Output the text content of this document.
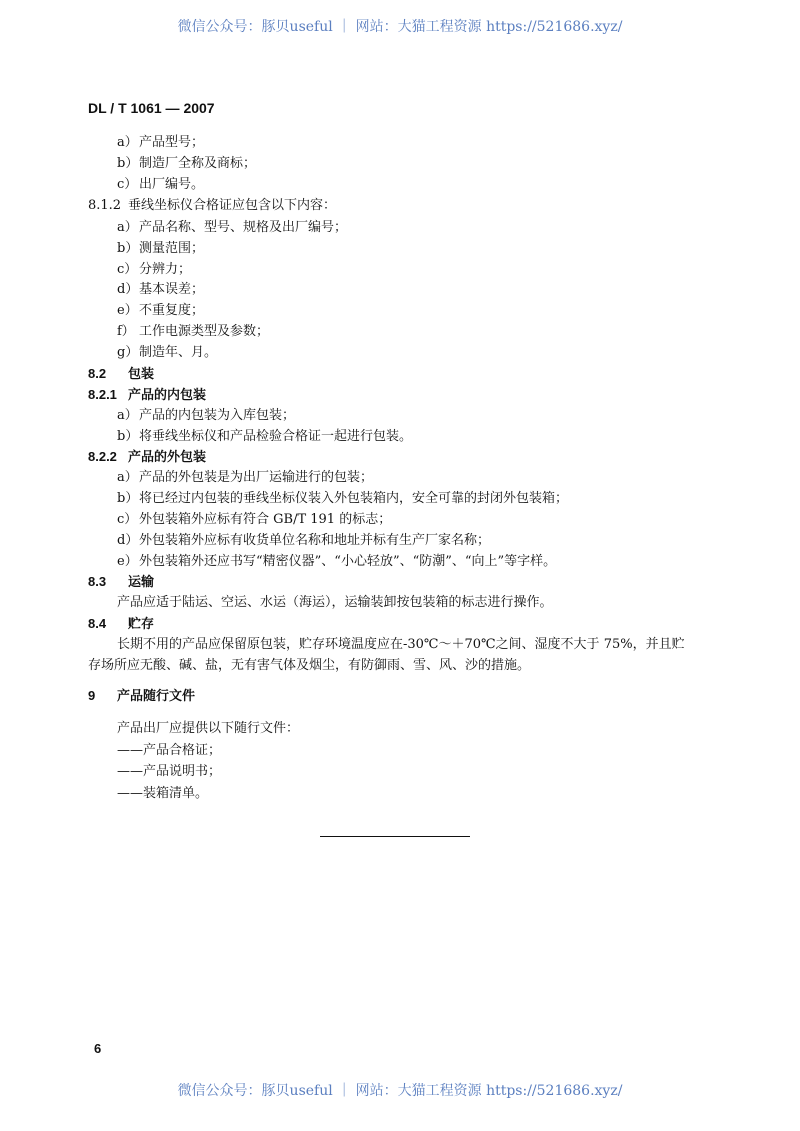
微信公众号：豚贝useful ｜ 网站：大猫工程资源 https://521686.xyz/
DL / T 1061 — 2007
a）产品型号；
b）制造厂全称及商标；
c） 出厂编号。
8.1.2 垂线坐标仪合格证应包含以下内容：
a）产品名称、型号、规格及出厂编号；
b）测量范围；
c） 分辨力；
d）基本误差；
e）不重复度；
f） 工作电源类型及参数；
g）制造年、月。
8.2 包装
8.2.1 产品的内包装
a）产品的内包装为入库包装；
b）将垂线坐标仪和产品检验合格证一起进行包装。
8.2.2 产品的外包装
a）产品的外包装是为出厂运输进行的包装；
b）将已经过内包装的垂线坐标仪装入外包装箱内，安全可靠的封闭外包装箱；
c） 外包装箱外应标有符合 GB/T 191 的标志；
d）外包装箱外应标有收货单位名称和地址并标有生产厂家名称；
e）外包装箱外还应书写“精密仪器”、“小心轻放”、“防潮”、“向上”等字样。
8.3 运输
产品应适于陆运、空运、水运（海运），运输装卸按包装箱的标志进行操作。
8.4 贮存
长期不用的产品应保留原包装，贮存环境温度应在-30℃～＋70℃之间、湿度不大于 75%，并且贮
存场所应无酸、碱、盐，无有害气体及烟尘，有防御雨、雪、风、沙的措施。
9 产品随行文件
产品出厂应提供以下随行文件：
——产品合格证；
——产品说明书；
——装箱清单。
6
微信公众号：豚贝useful ｜ 网站：大猫工程资源 https://521686.xyz/
